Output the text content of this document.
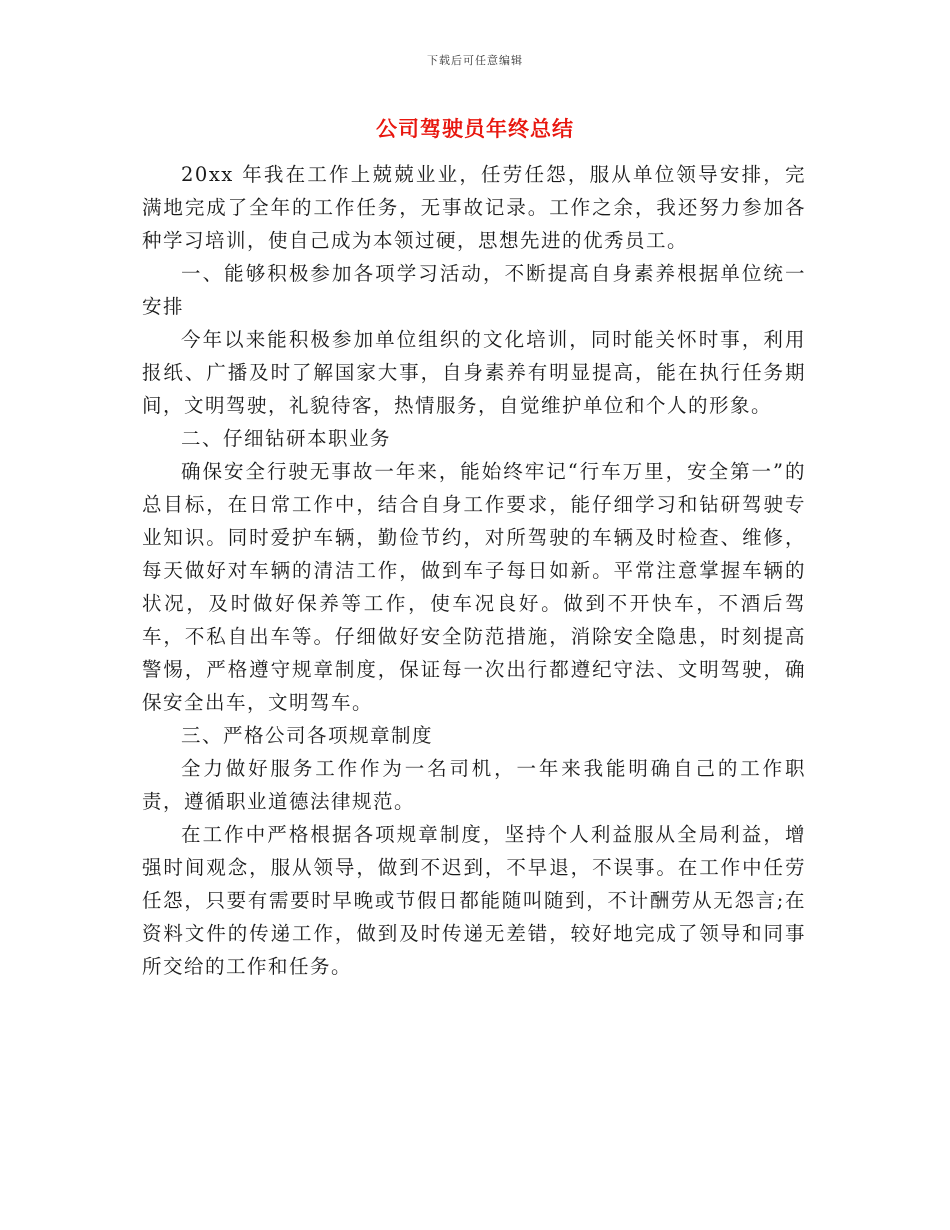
下载后可任意编辑
公司驾驶员年终总结

20xx 年我在工作上兢兢业业，任劳任怨，服从单位领导安排，完满地完成了全年的工作任务，无事故记录。工作之余，我还努力参加各种学习培训，使自己成为本领过硬，思想先进的优秀员工。

一、能够积极参加各项学习活动，不断提高自身素养根据单位统一安排

今年以来能积极参加单位组织的文化培训，同时能关怀时事，利用报纸、广播及时了解国家大事，自身素养有明显提高，能在执行任务期间，文明驾驶，礼貌待客，热情服务，自觉维护单位和个人的形象。

二、仔细钻研本职业务

确保安全行驶无事故一年来，能始终牢记“行车万里，安全第一”的总目标，在日常工作中，结合自身工作要求，能仔细学习和钻研驾驶专业知识。同时爱护车辆，勤俭节约，对所驾驶的车辆及时检查、维修，每天做好对车辆的清洁工作，做到车子每日如新。平常注意掌握车辆的状况，及时做好保养等工作，使车况良好。做到不开快车，不酒后驾车，不私自出车等。仔细做好安全防范措施，消除安全隐患，时刻提高警惕，严格遵守规章制度，保证每一次出行都遵纪守法、文明驾驶，确保安全出车，文明驾车。

三、严格公司各项规章制度

全力做好服务工作作为一名司机，一年来我能明确自己的工作职责，遵循职业道德法律规范。

在工作中严格根据各项规章制度，坚持个人利益服从全局利益，增强时间观念，服从领导，做到不迟到，不早退，不误事。在工作中任劳任怨，只要有需要时早晚或节假日都能随叫随到，不计酬劳从无怨言;在资料文件的传递工作，做到及时传递无差错，较好地完成了领导和同事所交给的工作和任务。
